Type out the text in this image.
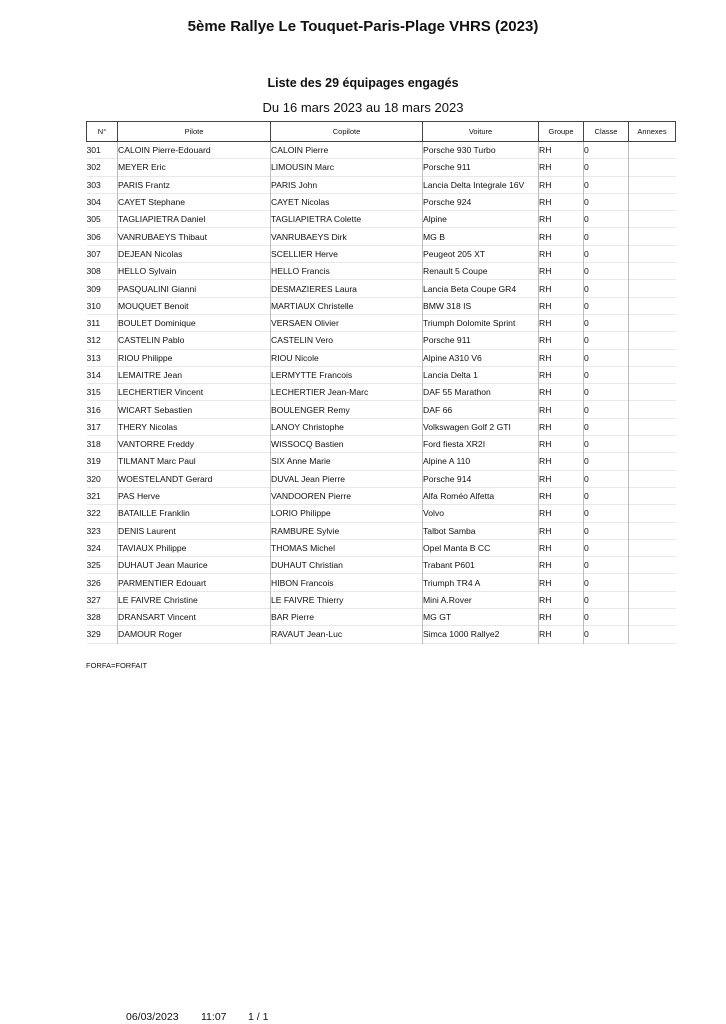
5ème Rallye Le Touquet-Paris-Plage VHRS (2023)
Liste des 29 équipages engagés
Du 16 mars 2023 au 18 mars 2023
N°	Pilote	Copilote	Voiture	Groupe	Classe	Annexes
301	CALOIN Pierre-Edouard	CALOIN Pierre	Porsche 930 Turbo	RH	0	
302	MEYER Eric	LIMOUSIN Marc	Porsche 911	RH	0	
303	PARIS Frantz	PARIS John	Lancia Delta Integrale 16V	RH	0	
304	CAYET Stephane	CAYET Nicolas	Porsche 924	RH	0	
305	TAGLIAPIETRA Daniel	TAGLIAPIETRA Colette	Alpine	RH	0	
306	VANRUBAEYS Thibaut	VANRUBAEYS Dirk	MG B	RH	0	
307	DEJEAN Nicolas	SCELLIER Herve	Peugeot 205 XT	RH	0	
308	HELLO Sylvain	HELLO Francis	Renault 5 Coupe	RH	0	
309	PASQUALINI Gianni	DESMAZIERES Laura	Lancia Beta Coupe GR4	RH	0	
310	MOUQUET Benoit	MARTIAUX Christelle	BMW 318 IS	RH	0	
311	BOULET Dominique	VERSAEN Olivier	Triumph Dolomite Sprint	RH	0	
312	CASTELIN Pablo	CASTELIN Vero	Porsche 911	RH	0	
313	RIOU Philippe	RIOU Nicole	Alpine A310 V6	RH	0	
314	LEMAITRE Jean	LERMYTTE Francois	Lancia Delta 1	RH	0	
315	LECHERTIER Vincent	LECHERTIER Jean-Marc	DAF 55 Marathon	RH	0	
316	WICART Sebastien	BOULENGER Remy	DAF 66	RH	0	
317	THERY Nicolas	LANOY Christophe	Volkswagen Golf 2 GTI	RH	0	
318	VANTORRE Freddy	WISSOCQ Bastien	Ford fiesta XR2I	RH	0	
319	TILMANT Marc Paul	SIX Anne Marie	Alpine A 110	RH	0	
320	WOESTELANDT Gerard	DUVAL Jean Pierre	Porsche 914	RH	0	
321	PAS Herve	VANDOOREN Pierre	Alfa Roméo Alfetta	RH	0	
322	BATAILLE Franklin	LORIO Philippe	Volvo	RH	0	
323	DENIS Laurent	RAMBURE Sylvie	Talbot Samba	RH	0	
324	TAVIAUX Philippe	THOMAS Michel	Opel Manta B CC	RH	0	
325	DUHAUT Jean Maurice	DUHAUT Christian	Trabant P601	RH	0	
326	PARMENTIER Edouart	HIBON Francois	Triumph TR4 A	RH	0	
327	LE FAIVRE Christine	LE FAIVRE Thierry	Mini A.Rover	RH	0	
328	DRANSART Vincent	BAR Pierre	MG GT	RH	0	
329	DAMOUR Roger	RAVAUT Jean-Luc	Simca 1000 Rallye2	RH	0	
FORFA=FORFAIT
06/03/2023 11:07 1 / 1
